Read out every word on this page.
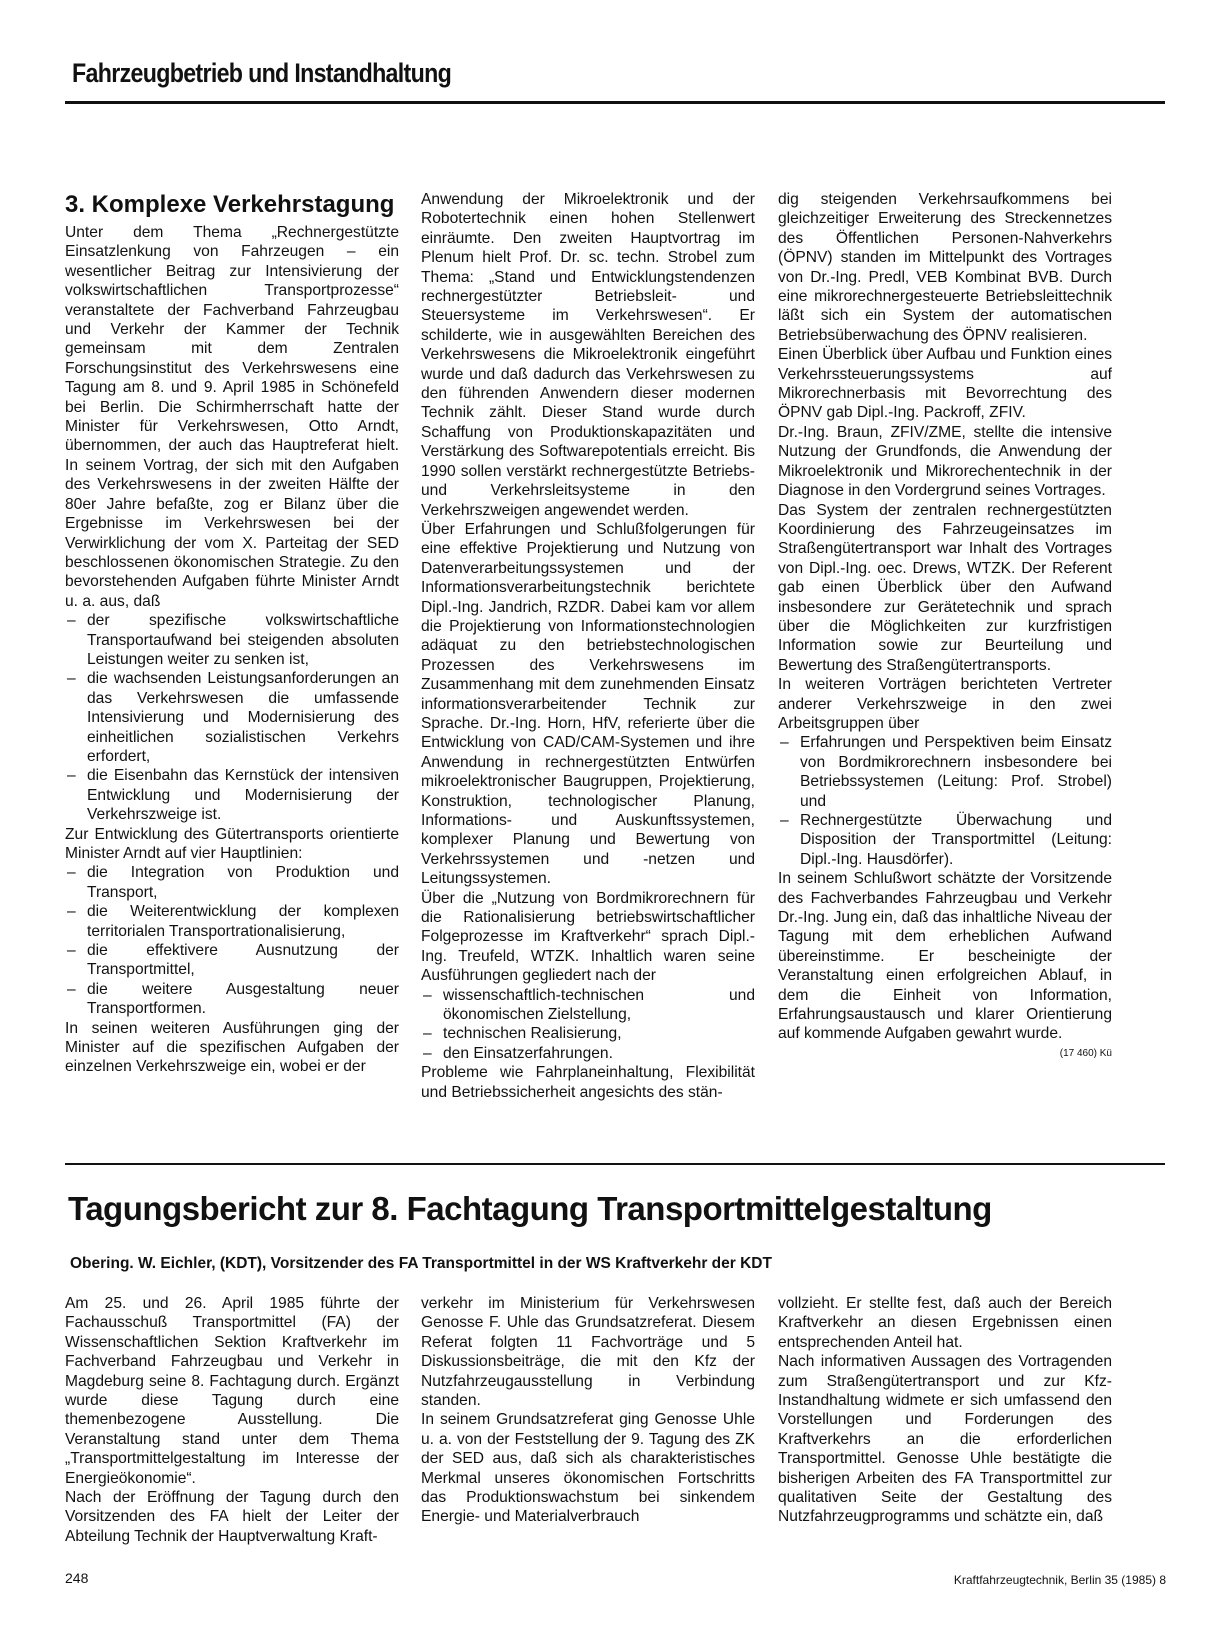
Fahrzeugbetrieb und Instandhaltung
3. Komplexe Verkehrstagung

Unter dem Thema „Rechnergestützte Einsatzlenkung von Fahrzeugen – ein wesentlicher Beitrag zur Intensivierung der volkswirtschaftlichen Transportprozesse“ veranstaltete der Fachverband Fahrzeugbau und Verkehr der Kammer der Technik gemeinsam mit dem Zentralen Forschungsinstitut des Verkehrswesens eine Tagung am 8. und 9. April 1985 in Schönefeld bei Berlin. Die Schirmherrschaft hatte der Minister für Verkehrswesen, Otto Arndt, übernommen, der auch das Hauptreferat hielt. In seinem Vortrag, der sich mit den Aufgaben des Verkehrswesens in der zweiten Hälfte der 80er Jahre befaßte, zog er Bilanz über die Ergebnisse im Verkehrswesen bei der Verwirklichung der vom X. Parteitag der SED beschlossenen ökonomischen Strategie. Zu den bevorstehenden Aufgaben führte Minister Arndt u. a. aus, daß

– der spezifische volkswirtschaftliche Transportaufwand bei steigenden absoluten Leistungen weiter zu senken ist,
– die wachsenden Leistungsanforderungen an das Verkehrswesen die umfassende Intensivierung und Modernisierung des einheitlichen sozialistischen Verkehrs erfordert,
– die Eisenbahn das Kernstück der intensiven Entwicklung und Modernisierung der Verkehrszweige ist.

Zur Entwicklung des Gütertransports orientierte Minister Arndt auf vier Hauptlinien:

– die Integration von Produktion und Transport,
– die Weiterentwicklung der komplexen territorialen Transportrationalisierung,
– die effektivere Ausnutzung der Transportmittel,
– die weitere Ausgestaltung neuer Transportformen.

In seinen weiteren Ausführungen ging der Minister auf die spezifischen Aufgaben der einzelnen Verkehrszweige ein, wobei er der

Anwendung der Mikroelektronik und der Robotertechnik einen hohen Stellenwert einräumte. Den zweiten Hauptvortrag im Plenum hielt Prof. Dr. sc. techn. Strobel zum Thema: „Stand und Entwicklungstendenzen rechnergestützter Betriebsleit- und Steuersysteme im Verkehrswesen“. Er schilderte, wie in ausgewählten Bereichen des Verkehrswesens die Mikroelektronik eingeführt wurde und daß dadurch das Verkehrswesen zu den führenden Anwendern dieser modernen Technik zählt. Dieser Stand wurde durch Schaffung von Produktionskapazitäten und Verstärkung des Softwarepotentials erreicht. Bis 1990 sollen verstärkt rechnergestützte Betriebs- und Verkehrsleitsysteme in den Verkehrszweigen angewendet werden.

Über Erfahrungen und Schlußfolgerungen für eine effektive Projektierung und Nutzung von Datenverarbeitungssystemen und der Informationsverarbeitungstechnik berichtete Dipl.-Ing. Jandrich, RZDR. Dabei kam vor allem die Projektierung von Informationstechnologien adäquat zu den betriebstechnologischen Prozessen des Verkehrswesens im Zusammenhang mit dem zunehmenden Einsatz informationsverarbeitender Technik zur Sprache. Dr.-Ing. Horn, HfV, referierte über die Entwicklung von CAD/CAM-Systemen und ihre Anwendung in rechnergestützten Entwürfen mikroelektronischer Baugruppen, Projektierung, Konstruktion, technologischer Planung, Informations- und Auskunftssystemen, komplexer Planung und Bewertung von Verkehrssystemen und -netzen und Leitungssystemen.

Über die „Nutzung von Bordmikrorechnern für die Rationalisierung betriebswirtschaftlicher Folgeprozesse im Kraftverkehr“ sprach Dipl.-Ing. Treufeld, WTZK. Inhaltlich waren seine Ausführungen gegliedert nach der

– wissenschaftlich-technischen und ökonomischen Zielstellung,
– technischen Realisierung,
– den Einsatzerfahrungen.

Probleme wie Fahrplaneinhaltung, Flexibilität und Betriebssicherheit angesichts des stän-

dig steigenden Verkehrsaufkommens bei gleichzeitiger Erweiterung des Streckennetzes des Öffentlichen Personen-Nahverkehrs (ÖPNV) standen im Mittelpunkt des Vortrages von Dr.-Ing. Predl, VEB Kombinat BVB. Durch eine mikrorechnergesteuerte Betriebsleittechnik läßt sich ein System der automatischen Betriebsüberwachung des ÖPNV realisieren.

Einen Überblick über Aufbau und Funktion eines Verkehrssteuerungssystems auf Mikrorechnerbasis mit Bevorrechtung des ÖPNV gab Dipl.-Ing. Packroff, ZFIV.

Dr.-Ing. Braun, ZFIV/ZME, stellte die intensive Nutzung der Grundfonds, die Anwendung der Mikroelektronik und Mikrorechentechnik in der Diagnose in den Vordergrund seines Vortrages.

Das System der zentralen rechnergestützten Koordinierung des Fahrzeugeinsatzes im Straßengütertransport war Inhalt des Vortrages von Dipl.-Ing. oec. Drews, WTZK. Der Referent gab einen Überblick über den Aufwand insbesondere zur Gerätetechnik und sprach über die Möglichkeiten zur kurzfristigen Information sowie zur Beurteilung und Bewertung des Straßengütertransports.

In weiteren Vorträgen berichteten Vertreter anderer Verkehrszweige in den zwei Arbeitsgruppen über

– Erfahrungen und Perspektiven beim Einsatz von Bordmikrorechnern insbesondere bei Betriebssystemen (Leitung: Prof. Strobel) und
– Rechnergestützte Überwachung und Disposition der Transportmittel (Leitung: Dipl.-Ing. Hausdörfer).

In seinem Schlußwort schätzte der Vorsitzende des Fachverbandes Fahrzeugbau und Verkehr Dr.-Ing. Jung ein, daß das inhaltliche Niveau der Tagung mit dem erheblichen Aufwand übereinstimme. Er bescheinigte der Veranstaltung einen erfolgreichen Ablauf, in dem die Einheit von Information, Erfahrungsaustausch und klarer Orientierung auf kommende Aufgaben gewahrt wurde.

(17 460) Kü
Tagungsbericht zur 8. Fachtagung Transportmittelgestaltung
Obering. W. Eichler, (KDT), Vorsitzender des FA Transportmittel in der WS Kraftverkehr der KDT

Am 25. und 26. April 1985 führte der Fachausschuß Transportmittel (FA) der Wissenschaftlichen Sektion Kraftverkehr im Fachverband Fahrzeugbau und Verkehr in Magdeburg seine 8. Fachtagung durch. Ergänzt wurde diese Tagung durch eine themenbezogene Ausstellung. Die Veranstaltung stand unter dem Thema „Transportmittelgestaltung im Interesse der Energieökonomie“.

Nach der Eröffnung der Tagung durch den Vorsitzenden des FA hielt der Leiter der Abteilung Technik der Hauptverwaltung Kraft-

verkehr im Ministerium für Verkehrswesen Genosse F. Uhle das Grundsatzreferat. Diesem Referat folgten 11 Fachvorträge und 5 Diskussionsbeiträge, die mit den Kfz der Nutzfahrzeugausstellung in Verbindung standen.

In seinem Grundsatzreferat ging Genosse Uhle u. a. von der Feststellung der 9. Tagung des ZK der SED aus, daß sich als charakteristisches Merkmal unseres ökonomischen Fortschritts das Produktionswachstum bei sinkendem Energie- und Materialverbrauch

vollzieht. Er stellte fest, daß auch der Bereich Kraftverkehr an diesen Ergebnissen einen entsprechenden Anteil hat.

Nach informativen Aussagen des Vortragenden zum Straßengütertransport und zur Kfz-Instandhaltung widmete er sich umfassend den Vorstellungen und Forderungen des Kraftverkehrs an die erforderlichen Transportmittel. Genosse Uhle bestätigte die bisherigen Arbeiten des FA Transportmittel zur qualitativen Seite der Gestaltung des Nutzfahrzeugprogramms und schätzte ein, daß

248	Kraftfahrzeugtechnik, Berlin 35 (1985) 8
